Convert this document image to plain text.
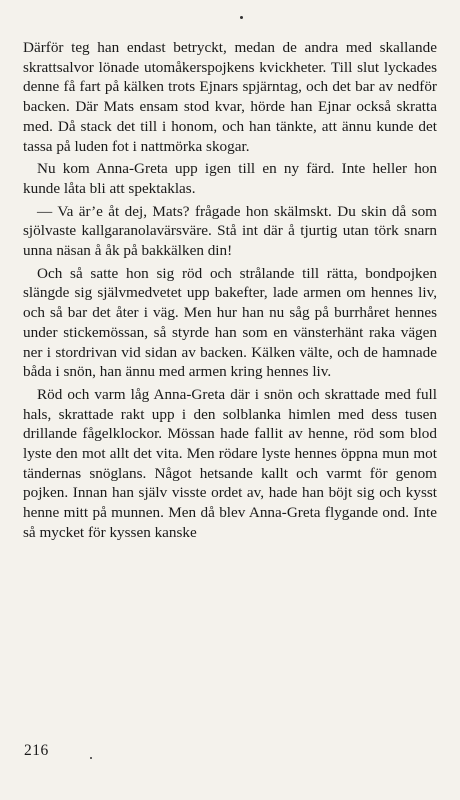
Därför teg han endast betryckt, medan de andra med skallande skrattsalvor lönade utomåkerspojkens kvickheter. Till slut lyckades denne få fart på kälken trots Ejnars spjärntag, och det bar av nedför backen. Där Mats ensam stod kvar, hörde han Ejnar också skratta med. Då stack det till i honom, och han tänkte, att ännu kunde det tassa på luden fot i nattmörka skogar.

Nu kom Anna-Greta upp igen till en ny färd. Inte heller hon kunde låta bli att spektaklas.

— Va är’e åt dej, Mats? frågade hon skälmskt. Du skin då som sjölvaste kallgaranolavärsväre. Stå int där å tjurtig utan törk snarn unna näsan å åk på bakkälken din!

Och så satte hon sig röd och strålande till rätta, bondpojken slängde sig självmedvetet upp bakefter, lade armen om hennes liv, och så bar det åter i väg. Men hur han nu såg på burrhåret hennes under stickemössan, så styrde han som en vänsterhänt raka vägen ner i stordrivan vid sidan av backen. Kälken välte, och de hamnade båda i snön, han ännu med armen kring hennes liv.

Röd och varm låg Anna-Greta där i snön och skrattade med full hals, skrattade rakt upp i den solblanka himlen med dess tusen drillande fågelklockor. Mössan hade fallit av henne, röd som blod lyste den mot allt det vita. Men rödare lyste hennes öppna mun mot tändernas snöglans. Något hetsande kallt och varmt för genom pojken. Innan han själv visste ordet av, hade han böjt sig och kysst henne mitt på munnen. Men då blev Anna-Greta flygande ond. Inte så mycket för kyssen kanske

216
